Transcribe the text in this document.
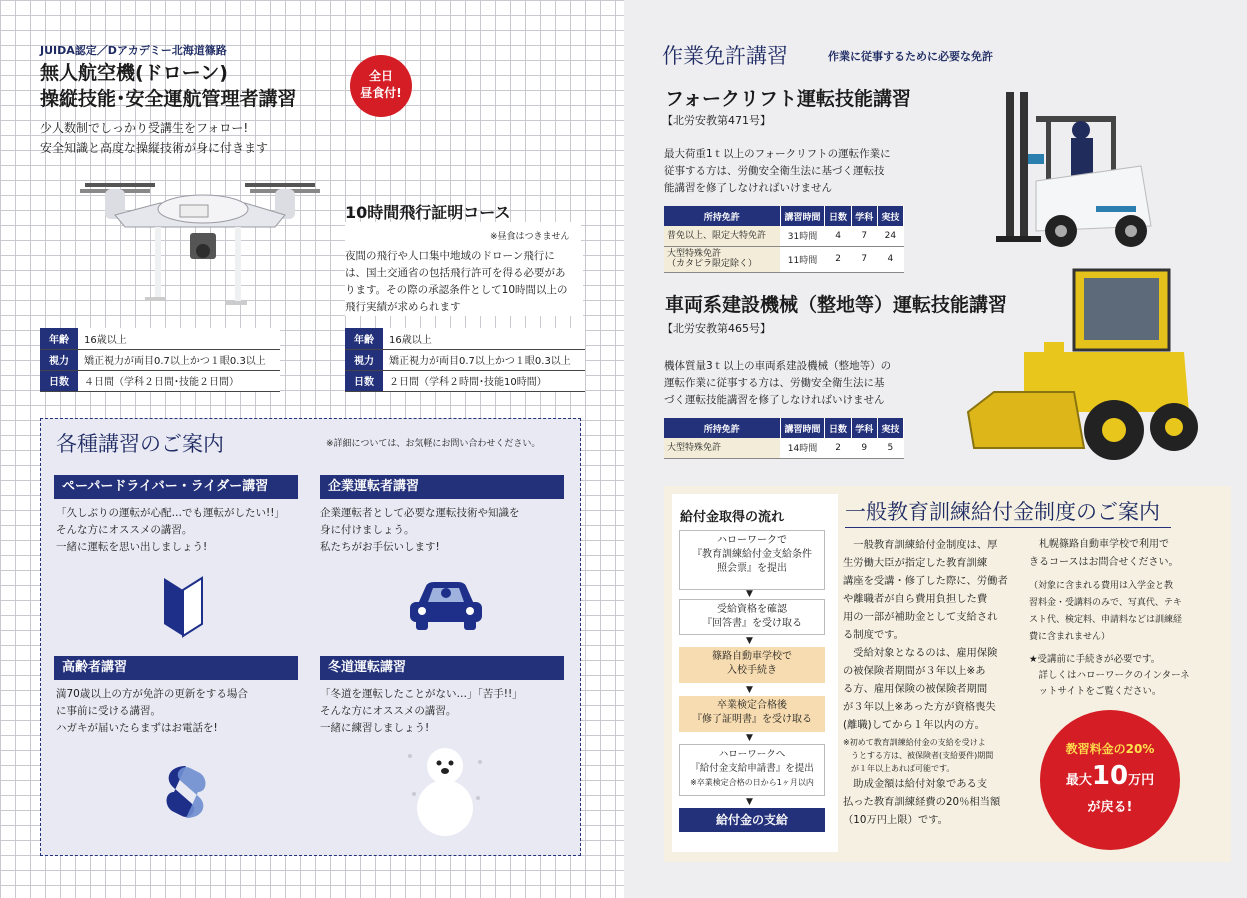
JUIDA認定／Dアカデミー北海道篠路
無人航空機(ドローン)
操縦技能･安全運航管理者講習
全日
昼食付!
少人数制でしっかり受講生をフォロー!
安全知識と高度な操縦技術が身に付きます
10時間飛行証明コース
※昼食はつきません
夜間の飛行や人口集中地域のドローン飛行に
は、国土交通省の包括飛行許可を得る必要があ
ります。その際の承認条件として10時間以上の
飛行実績が求められます
年齢	16歳以上
視力	矯正視力が両目0.7以上かつ１眼0.3以上
日数	４日間（学科２日間･技能２日間）
年齢	16歳以上
視力	矯正視力が両目0.7以上かつ１眼0.3以上
日数	２日間（学科２時間･技能10時間）
各種講習のご案内	※詳細については、お気軽にお問い合わせください。
ペーパードライバー・ライダー講習
「久しぶりの運転が心配…でも運転がしたい!!」
そんな方にオススメの講習。
一緒に運転を思い出しましょう!
企業運転者講習
企業運転者として必要な運転技術や知識を
身に付けましょう。
私たちがお手伝いします!
高齢者講習
満70歳以上の方が免許の更新をする場合
に事前に受ける講習。
ハガキが届いたらまずはお電話を!
冬道運転講習
「冬道を運転したことがない…」「苦手!!」
そんな方にオススメの講習。
一緒に練習しましょう!
作業免許講習	作業に従事するために必要な免許
フォークリフト運転技能講習
【北労安教第471号】
最大荷重1ｔ以上のフォークリフトの運転作業に
従事する方は、労働安全衛生法に基づく運転技
能講習を修了しなければいけません
所持免許	講習時間	日数	学科	実技
普免以上、限定大特免許	31時間	4	7	24

大型特殊免許
（カタピラ限定除く）	11時間	2	7	4
車両系建設機械（整地等）運転技能講習
【北労安教第465号】
機体質量3ｔ以上の車両系建設機械（整地等）の
運転作業に従事する方は、労働安全衛生法に基
づく運転技能講習を修了しなければいけません
所持免許	講習時間	日数	学科	実技
大型特殊免許	14時間	2	9	5
給付金取得の流れ
ハローワークで
『教育訓練給付金支給条件
照会票』を提出
▼
受給資格を確認
『回答書』を受け取る
▼
篠路自動車学校で
入校手続き
▼
卒業検定合格後
『修了証明書』を受け取る
▼
ハローワークへ
『給付金支給申請書』を提出
※卒業検定合格の日から1ヶ月以内
▼
給付金の支給
一般教育訓練給付金制度のご案内
　一般教育訓練給付金制度は、厚
生労働大臣が指定した教育訓練
講座を受講・修了した際に、労働者
や離職者が自ら費用負担した費
用の一部が補助金として支給され
る制度です。
　受給対象となるのは、雇用保険
の被保険者期間が３年以上※あ
る方、雇用保険の被保険者期間
が３年以上※あった方が資格喪失
(離職)してから１年以内の方。
※初めて教育訓練給付金の支給を受けよ
　うとする方は、被保険者(支給要件)期間
　が１年以上あれば可能です。
　助成金額は給付対象である支
払った教育訓練経費の20％相当額
（10万円上限）です。
　札幌篠路自動車学校で利用で
きるコースはお問合せください。
（対象に含まれる費用は入学金と教
習料金・受講料のみで、写真代、テキ
スト代、検定料、申請料などは訓練経
費に含まれません）
★受講前に手続きが必要です。
　詳しくはハローワークのインターネ
　ットサイトをご覧ください。
教習料金の20%
最大10万円
が戻る!
